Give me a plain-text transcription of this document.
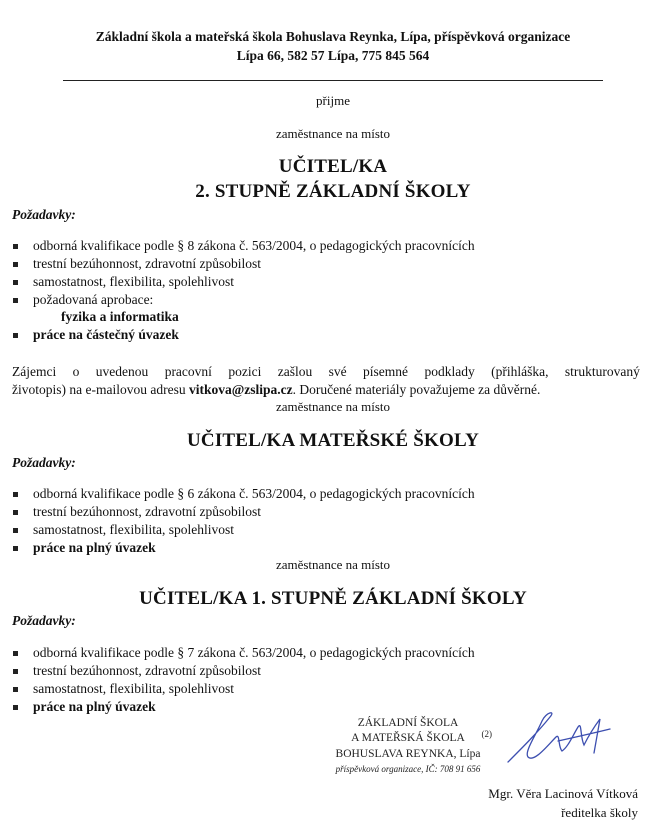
Základní škola a mateřská škola Bohuslava Reynka, Lípa, příspěvková organizace
Lípa 66, 582 57 Lípa, 775 845 564
přijme
zaměstnance na místo
UČITEL/KA
2. STUPNĚ ZÁKLADNÍ ŠKOLY
Požadavky:
odborná kvalifikace podle § 8 zákona č. 563/2004, o pedagogických pracovnících
trestní bezúhonnost, zdravotní způsobilost
samostatnost, flexibilita, spolehlivost
požadovaná aprobace:
fyzika a informatika
práce na částečný úvazek
Zájemci o uvedenou pracovní pozici zašlou své písemné podklady (přihláška, strukturovaný
životopis) na e-mailovou adresu vitkova@zslipa.cz. Doručené materiály považujeme za důvěrné.
zaměstnance na místo
UČITEL/KA MATEŘSKÉ ŠKOLY
Požadavky:
odborná kvalifikace podle § 6 zákona č. 563/2004, o pedagogických pracovnících
trestní bezúhonnost, zdravotní způsobilost
samostatnost, flexibilita, spolehlivost
práce na plný úvazek
zaměstnance na místo
UČITEL/KA 1. STUPNĚ ZÁKLADNÍ ŠKOLY
Požadavky:
odborná kvalifikace podle § 7 zákona č. 563/2004, o pedagogických pracovnících
trestní bezúhonnost, zdravotní způsobilost
samostatnost, flexibilita, spolehlivost
práce na plný úvazek
ZÁKLADNÍ ŠKOLA
A MATEŘSKÁ ŠKOLA (2)
BOHUSLAVA REYNKA, Lípa
příspěvková organizace, IČ: 708 91 656
Mgr. Věra Lacinová Vítková
ředitelka školy
